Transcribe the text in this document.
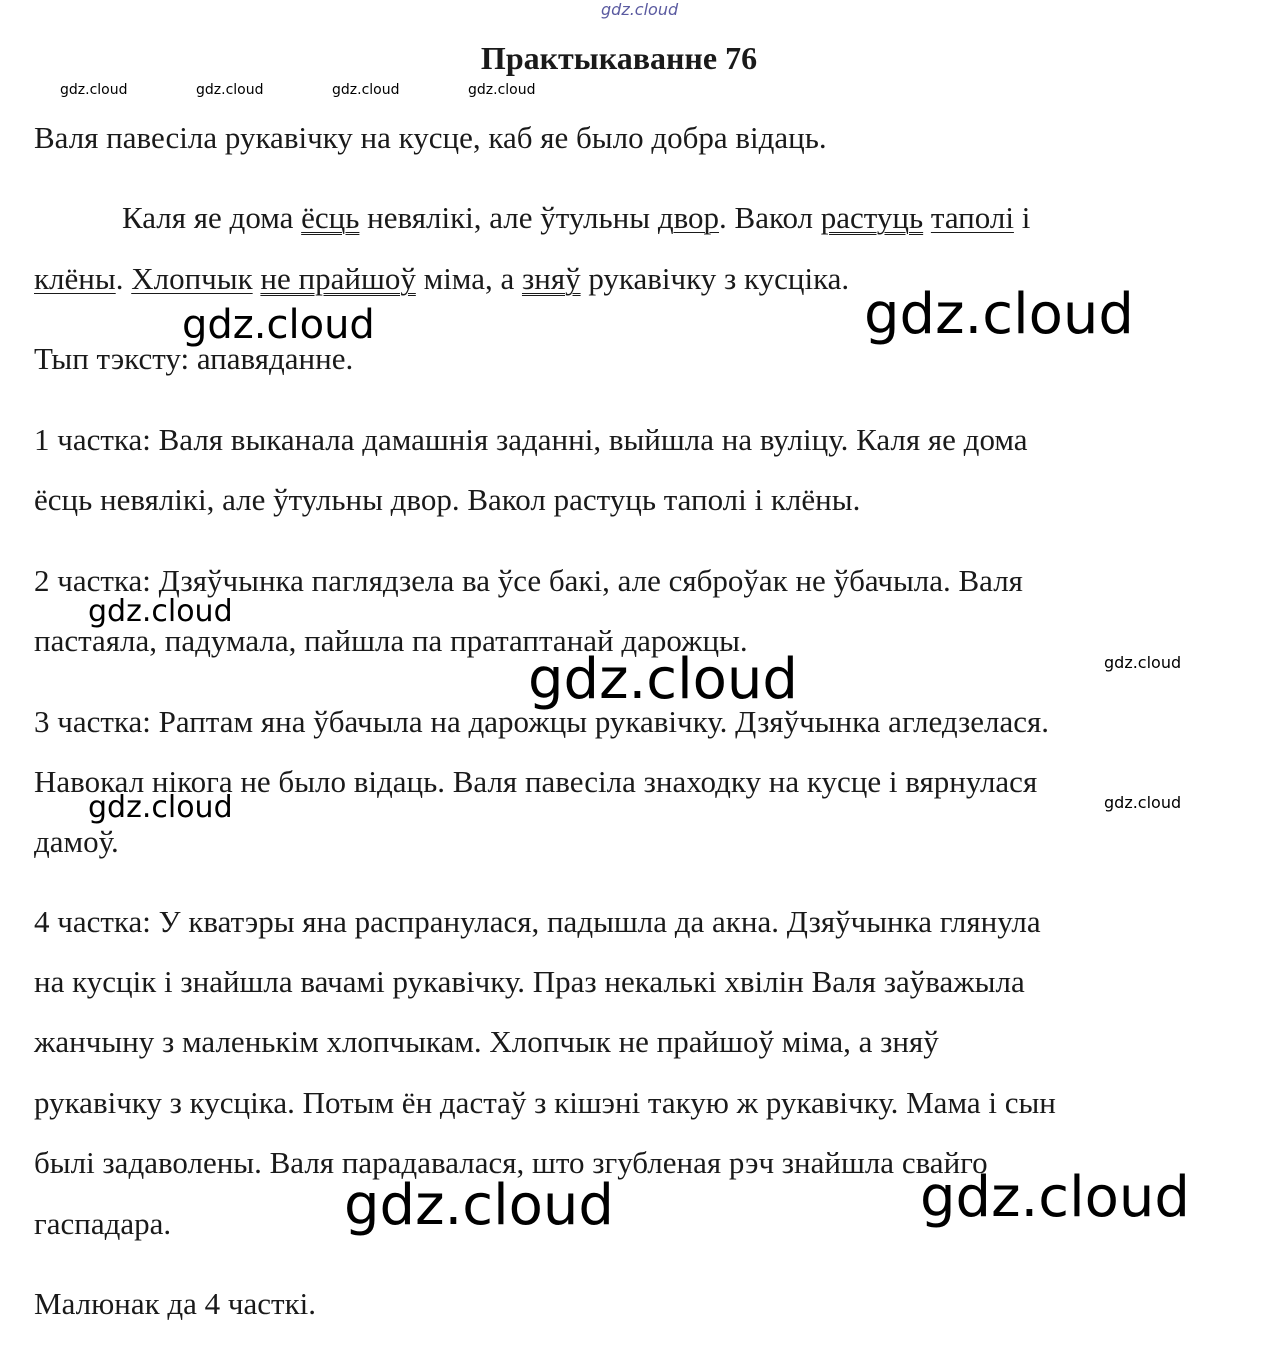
gdz.cloud
gdz.cloud	gdz.cloud	gdz.cloud	gdz.cloud
Практыкаванне 76
Валя павесіла рукавічку на кусце, каб яе было добра відаць.
Каля яе дома ёсць невялікі, але ўтульны двор. Вакол растуць таполі і
клёны. Хлопчык не прайшоў міма, а зняў рукавічку з кусціка.
Тып тэксту: апавяданне.
1 частка: Валя выканала дамашнія заданні, выйшла на вуліцу. Каля яе дома
ёсць невялікі, але ўтульны двор. Вакол растуць таполі і клёны.
2 частка: Дзяўчынка паглядзела ва ўсе бакі, але сяброўак не ўбачыла. Валя
пастаяла, падумала, пайшла па пратаптанай дарожцы.
3 частка: Раптам яна ўбачыла на дарожцы рукавічку. Дзяўчынка агледзелася.
Навокал нікога не было відаць. Валя павесіла знаходку на кусце і вярнулася
дамоў.
4 частка: У кватэры яна распранулася, падышла да акна. Дзяўчынка глянула
на кусцік і знайшла вачамі рукавічку. Праз некалькі хвілін Валя заўважыла
жанчыну з маленькім хлопчыкам. Хлопчык не прайшоў міма, а зняў
рукавічку з кусціка. Потым ён дастаў з кішэні такую ж рукавічку. Мама і сын
былі задаволены. Валя парадавалася, што згубленая рэч знайшла свайго
гаспадара.
Малюнак да 4 часткі.
gdz.cloud	gdz.cloud
gdz.cloud
gdz.cloud	gdz.cloud
gdz.cloud	gdz.cloud
gdz.cloud	gdz.cloud
